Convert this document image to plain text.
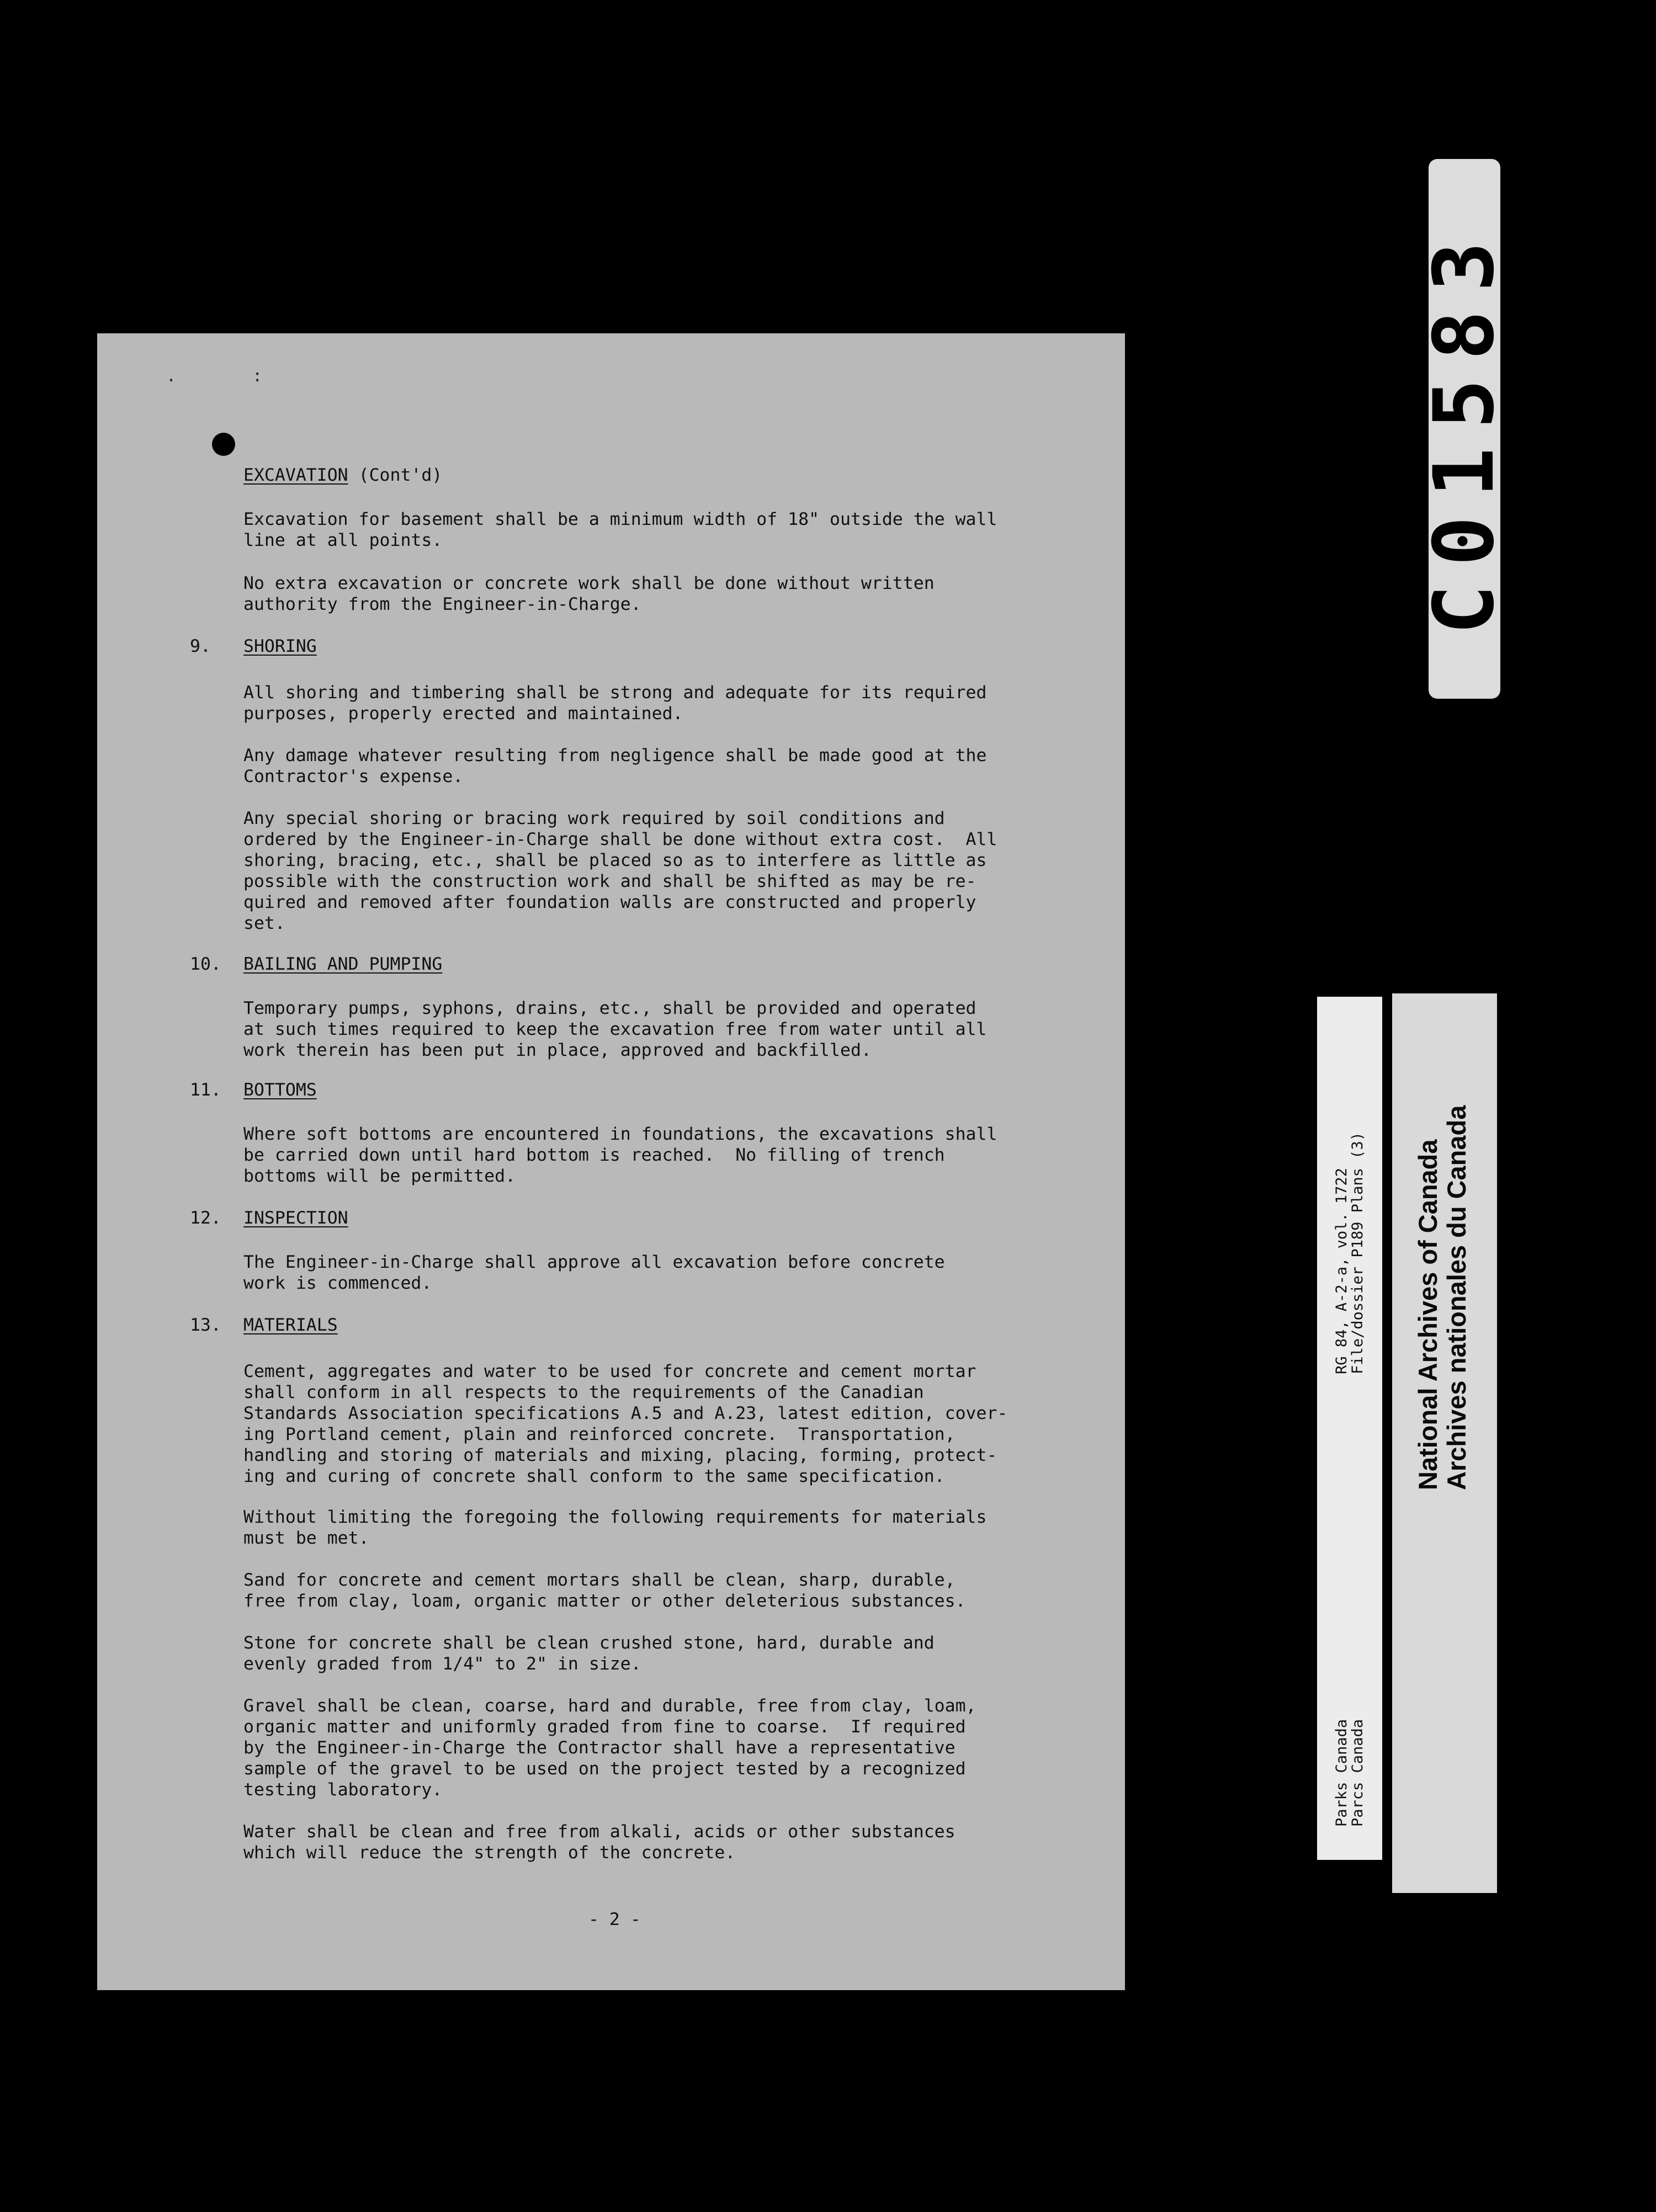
. :

EXCAVATION (Cont'd)

Excavation for basement shall be a minimum width of 18" outside the wall
line at all points.

No extra excavation or concrete work shall be done without written
authority from the Engineer-in-Charge.

9. SHORING

All shoring and timbering shall be strong and adequate for its required
purposes, properly erected and maintained.

Any damage whatever resulting from negligence shall be made good at the
Contractor's expense.

Any special shoring or bracing work required by soil conditions and
ordered by the Engineer-in-Charge shall be done without extra cost.  All
shoring, bracing, etc., shall be placed so as to interfere as little as
possible with the construction work and shall be shifted as may be re-
quired and removed after foundation walls are constructed and properly
set.

10. BAILING AND PUMPING

Temporary pumps, syphons, drains, etc., shall be provided and operated
at such times required to keep the excavation free from water until all
work therein has been put in place, approved and backfilled.

11. BOTTOMS

Where soft bottoms are encountered in foundations, the excavations shall
be carried down until hard bottom is reached.  No filling of trench
bottoms will be permitted.

12. INSPECTION

The Engineer-in-Charge shall approve all excavation before concrete
work is commenced.

13. MATERIALS

Cement, aggregates and water to be used for concrete and cement mortar
shall conform in all respects to the requirements of the Canadian
Standards Association specifications A.5 and A.23, latest edition, cover-
ing Portland cement, plain and reinforced concrete.  Transportation,
handling and storing of materials and mixing, placing, forming, protect-
ing and curing of concrete shall conform to the same specification.

Without limiting the foregoing the following requirements for materials
must be met.

Sand for concrete and cement mortars shall be clean, sharp, durable,
free from clay, loam, organic matter or other deleterious substances.

Stone for concrete shall be clean crushed stone, hard, durable and
evenly graded from 1/4" to 2" in size.

Gravel shall be clean, coarse, hard and durable, free from clay, loam,
organic matter and uniformly graded from fine to coarse.  If required
by the Engineer-in-Charge the Contractor shall have a representative
sample of the gravel to be used on the project tested by a recognized
testing laboratory.

Water shall be clean and free from alkali, acids or other substances
which will reduce the strength of the concrete.

- 2 -
C01583
RG 84, A-2-a, vol. 1722
File/dossier P189 Plans (3)
Parks Canada
Parcs Canada
National Archives of Canada Archives nationales du Canada
